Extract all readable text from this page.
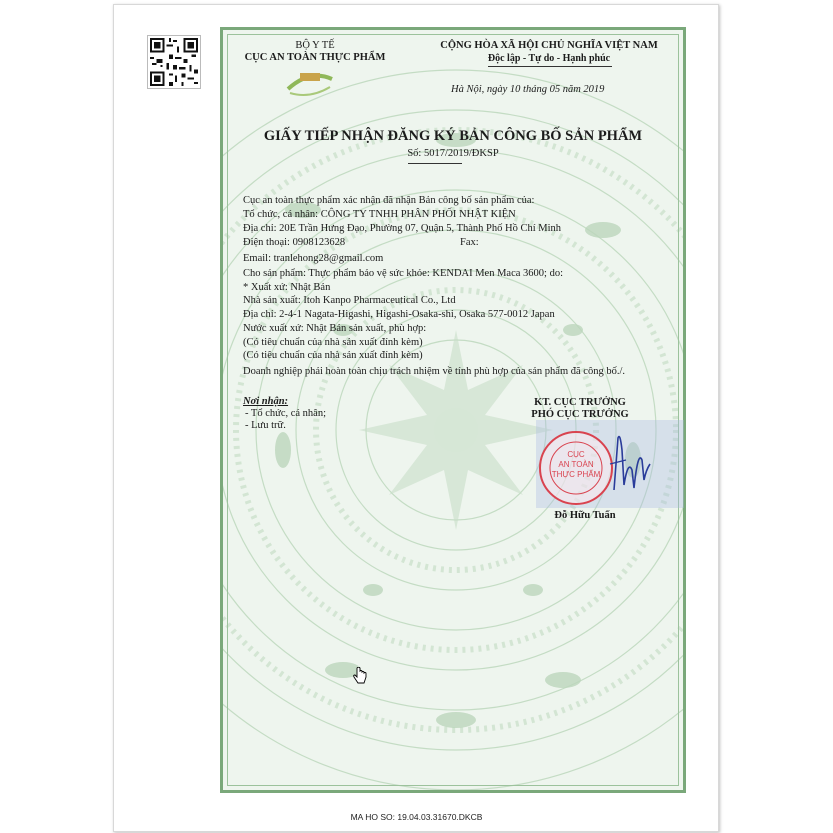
BỘ Y TẾ
CỤC AN TOÀN THỰC PHẨM
CỘNG HÒA XÃ HỘI CHỦ NGHĨA VIỆT NAM
Độc lập - Tự do - Hạnh phúc
Hà Nội, ngày 10 tháng 05 năm 2019
GIẤY TIẾP NHẬN ĐĂNG KÝ BẢN CÔNG BỐ SẢN PHẨM
Số: 5017/2019/ĐKSP
Cục an toàn thực phẩm xác nhận đã nhận Bản công bố sản phẩm của:
Tổ chức, cá nhân: CÔNG TY TNHH PHÂN PHỐI NHẬT KIỆN
Địa chỉ: 20E Trần Hưng Đạo, Phường 07, Quận 5, Thành Phố Hồ Chí Minh
Điện thoại: 0908123628	Fax:
Email: tranlehong28@gmail.com
Cho sản phẩm: Thực phẩm bảo vệ sức khỏe: KENDAI Men Maca 3600; do:
* Xuất xứ: Nhật Bản
Nhà sản xuất: Itoh Kanpo Pharmaceutical Co., Ltd
Địa chỉ: 2-4-1 Nagata-Higashi, Higashi-Osaka-shi, Osaka 577-0012 Japan
Nước xuất xứ: Nhật Bản sản xuất, phù hợp:
(Có tiêu chuẩn của nhà sản xuất đính kèm)
(Có tiêu chuẩn của nhà sản xuất đính kèm)
Doanh nghiệp phải hoàn toàn chịu trách nhiệm về tính phù hợp của sản phẩm đã công bố./.
Nơi nhận:
- Tổ chức, cá nhân;
- Lưu trữ.
KT. CỤC TRƯỞNG
PHÓ CỤC TRƯỞNG
CỤC
AN TOÀN
THỰC PHẨM
Đỗ Hữu Tuấn
MA HO SO: 19.04.03.31670.DKCB
